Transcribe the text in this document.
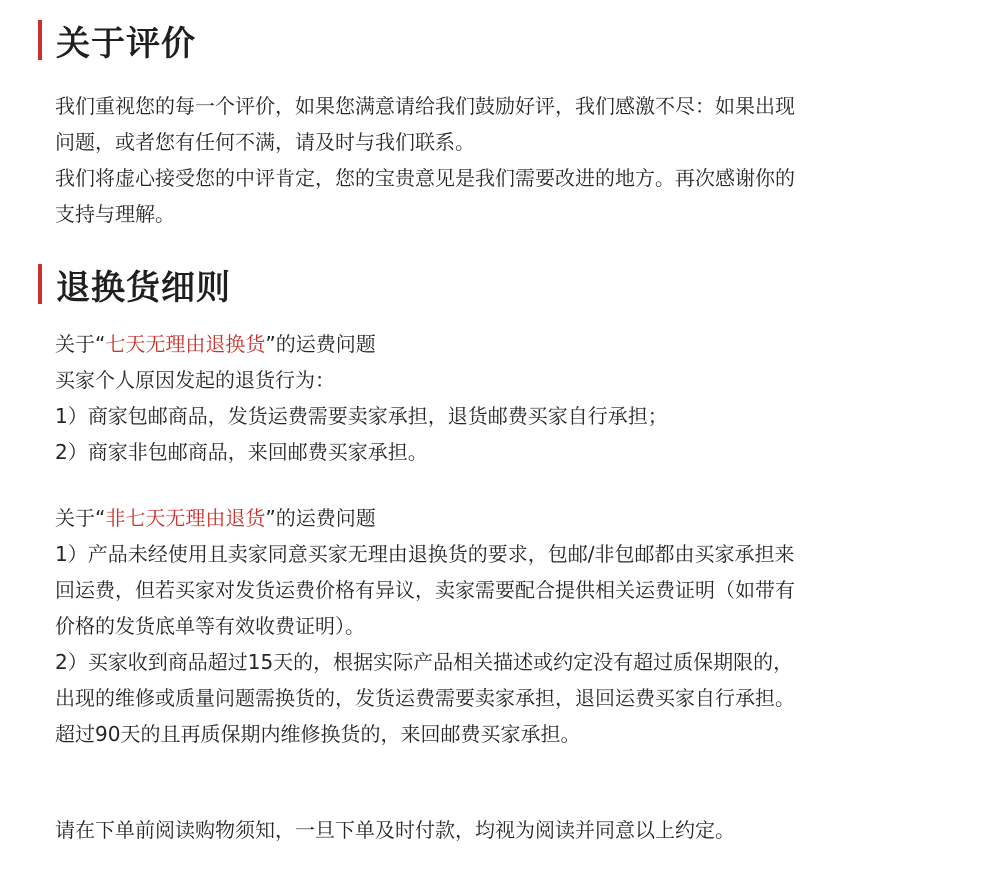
关于评价
我们重视您的每一个评价，如果您满意请给我们鼓励好评，我们感激不尽：如果出现
问题，或者您有任何不满，请及时与我们联系。
我们将虚心接受您的中评肯定，您的宝贵意见是我们需要改进的地方。再次感谢你的
支持与理解。
退换货细则
关于“七天无理由退换货”的运费问题
买家个人原因发起的退货行为：
1）商家包邮商品，发货运费需要卖家承担，退货邮费买家自行承担；
2）商家非包邮商品，来回邮费买家承担。
关于“非七天无理由退货”的运费问题
1）产品未经使用且卖家同意买家无理由退换货的要求，包邮/非包邮都由买家承担来
回运费，但若买家对发货运费价格有异议，卖家需要配合提供相关运费证明（如带有
价格的发货底单等有效收费证明）。
2）买家收到商品超过15天的，根据实际产品相关描述或约定没有超过质保期限的，
出现的维修或质量问题需换货的，发货运费需要卖家承担，退回运费买家自行承担。
超过90天的且再质保期内维修换货的，来回邮费买家承担。
请在下单前阅读购物须知，一旦下单及时付款，均视为阅读并同意以上约定。
